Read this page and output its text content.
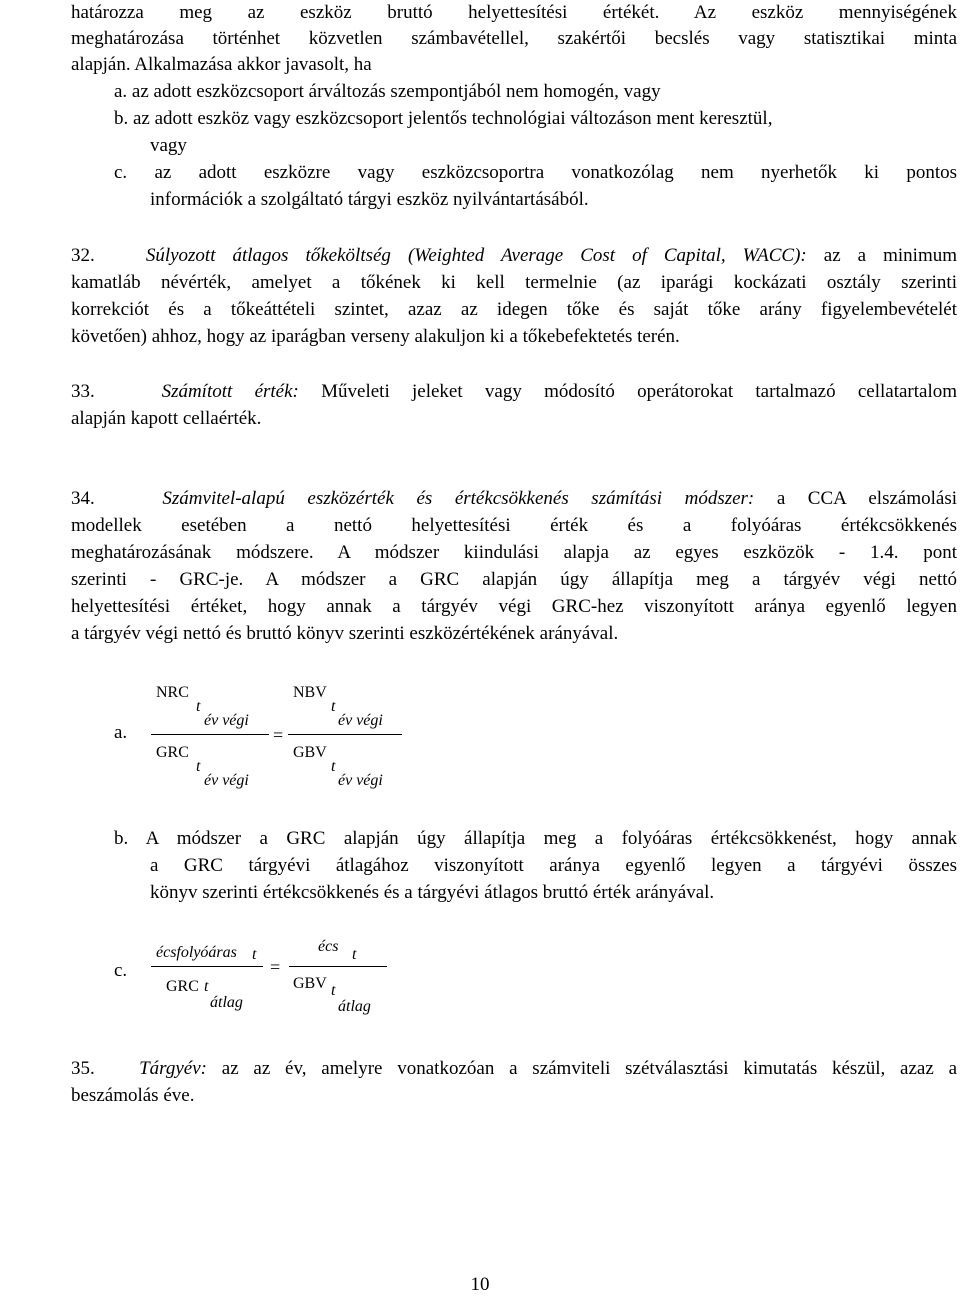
határozza meg az eszköz bruttó helyettesítési értékét. Az eszköz mennyiségének
meghatározása történhet közvetlen számbavétellel, szakértői becslés vagy statisztikai minta
alapján. Alkalmazása akkor javasolt, ha
a. az adott eszközcsoport árváltozás szempontjából nem homogén, vagy
b. az adott eszköz vagy eszközcsoport jelentős technológiai változáson ment keresztül,
vagy
c. az adott eszközre vagy eszközcsoportra vonatkozólag nem nyerhetők ki pontos
információk a szolgáltató tárgyi eszköz nyilvántartásából.
32.	Súlyozott átlagos tőkeköltség (Weighted Average Cost of Capital, WACC): az a minimum
kamatláb névérték, amelyet a tőkének ki kell termelnie (az iparági kockázati osztály szerinti
korrekciót és a tőkeáttételi szintet, azaz az idegen tőke és saját tőke arány figyelembevételét
követően) ahhoz, hogy az iparágban verseny alakuljon ki a tőkebefektetés terén.
33.	Számított érték: Műveleti jeleket vagy módosító operátorokat tartalmazó cellatartalom
alapján kapott cellaérték.
34.	Számvitel-alapú eszközérték és értékcsökkenés számítási módszer: a CCA elszámolási
modellek esetében a nettó helyettesítési érték és a folyóáras értékcsökkenés
meghatározásának módszere. A módszer kiindulási alapja az egyes eszközök - 1.4. pont
szerinti - GRC-je. A módszer a GRC alapján úgy állapítja meg a tárgyév végi nettó
helyettesítési értéket, hogy annak a tárgyév végi GRC-hez viszonyított aránya egyenlő legyen
a tárgyév végi nettó és bruttó könyv szerinti eszközértékének arányával.
a.
NRC
t
év végi
GRC
t
év végi
=
NBV
t
év végi
GBV
t
év végi
b. A módszer a GRC alapján úgy állapítja meg a folyóáras értékcsökkenést, hogy annak
a GRC tárgyévi átlagához viszonyított aránya egyenlő legyen a tárgyévi összes
könyv szerinti értékcsökkenés és a tárgyévi átlagos bruttó érték arányával.
c.
écsfolyóáras t
GRC t
átlag
=
écs t
GBV t
átlag
35. Tárgyév: az az év, amelyre vonatkozóan a számviteli szétválasztási kimutatás készül, azaz a
beszámolás éve.
10
